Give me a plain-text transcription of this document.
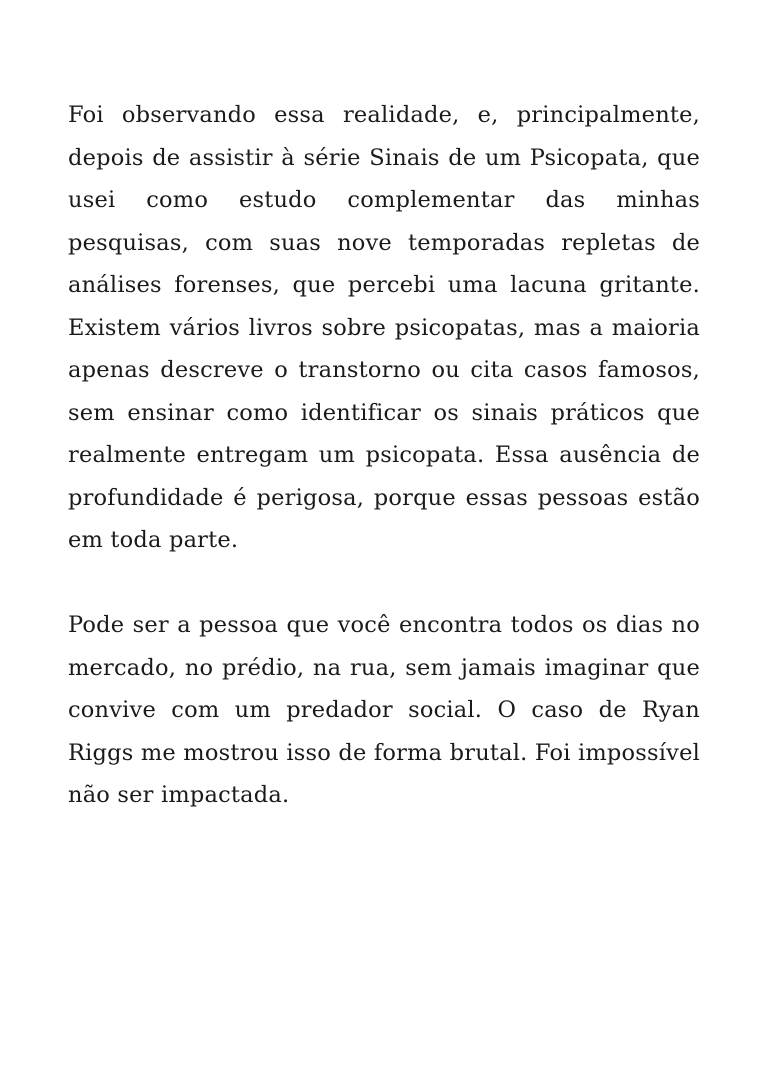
Foi observando essa realidade, e, principalmente, depois de assistir à série Sinais de um Psicopata, que usei como estudo complementar das minhas pesquisas, com suas nove temporadas repletas de análises forenses, que percebi uma lacuna gritante. Existem vários livros sobre psicopatas, mas a maioria apenas descreve o transtorno ou cita casos famosos, sem ensinar como identificar os sinais práticos que realmente entregam um psicopata. Essa ausência de profundidade é perigosa, porque essas pessoas estão em toda parte.

Pode ser a pessoa que você encontra todos os dias no mercado, no prédio, na rua, sem jamais imaginar que convive com um predador social. O caso de Ryan Riggs me mostrou isso de forma brutal. Foi impossível não ser impactada.
